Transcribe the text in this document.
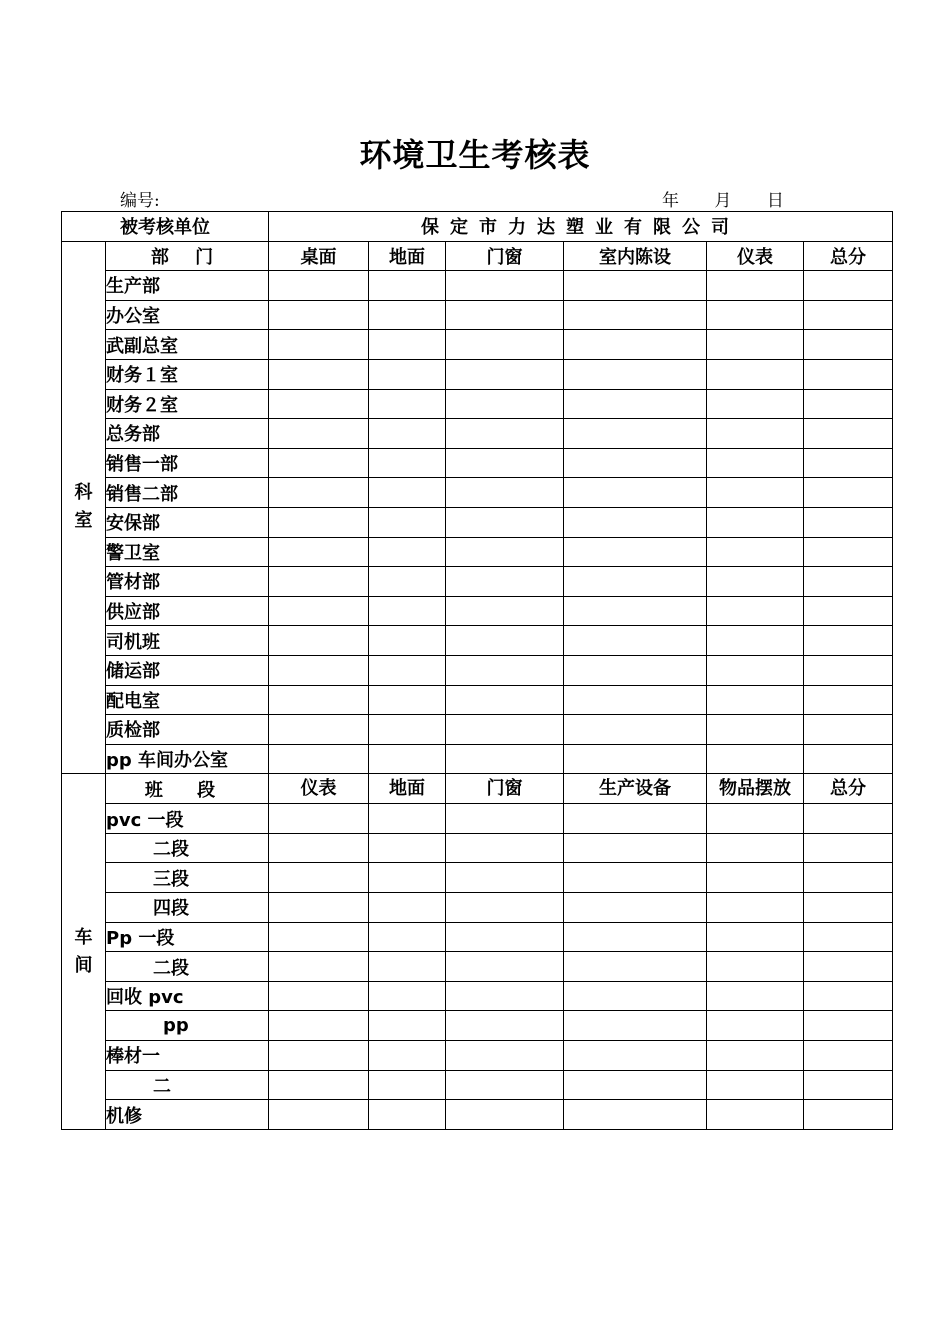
环境卫生考核表
编号:	年 月 日
被考核单位		保定市力达塑业有限公司					
科
室	部 门	桌面	地面	门窗	室内陈设	仪表	总分
	生产部						
	办公室						
	武副总室						
	财务１室						
	财务２室						
	总务部						
	销售一部						
	销售二部						
	安保部						
	警卫室						
	管材部						
	供应部						
	司机班						
	储运部						
	配电室						
	质检部						
	pp 车间办公室						
车
间	班 段	仪表	地面	门窗	生产设备	物品摆放	总分
	pvc 一段						
	二段						
	三段						
	四段						
	Pp 一段						
	二段						
	回收 pvc						
	pp						
	棒材一						
	二						
	机修						
